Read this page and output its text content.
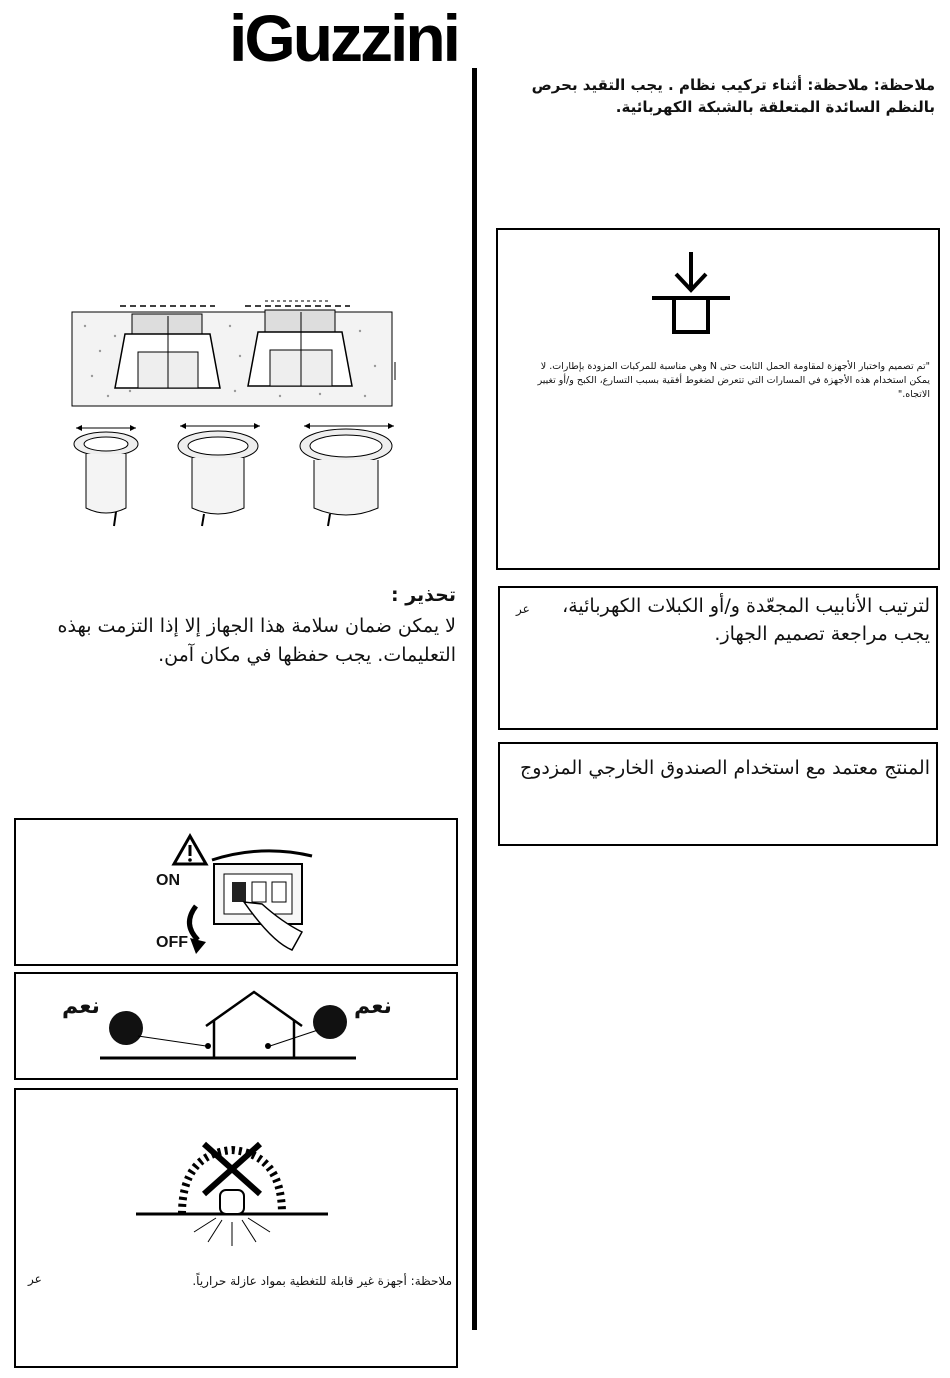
iGuzzini
ملاحظة: ملاحظة: أثناء تركيب نظام . يجب التقيد بحرص بالنظم السائدة المتعلقة بالشبكة الكهربائية.
تحذير :
لا يمكن ضمان سلامة هذا الجهاز إلا إذا التزمت بهذه التعليمات. يجب حفظها في مكان آمن.
"تم تصميم واختبار الأجهزة لمقاومة الحمل الثابت حتى N وهي مناسبة للمركبات المزودة بإطارات. لا يمكن استخدام هذه الأجهزة في المسارات التي تتعرض لضغوط أفقية بسبب التسارع، الكبح و/أو تغيير الاتجاه."
عر لترتيب الأنابيب المجعّدة و/أو الكبلات الكهربائية، يجب مراجعة تصميم الجهاز.
المنتج معتمد مع استخدام الصندوق الخارجي المزدوج
ON
OFF
نعم	نعم
عر	ملاحظة: أجهزة غير قابلة للتغطية بمواد عازلة حرارياً.
